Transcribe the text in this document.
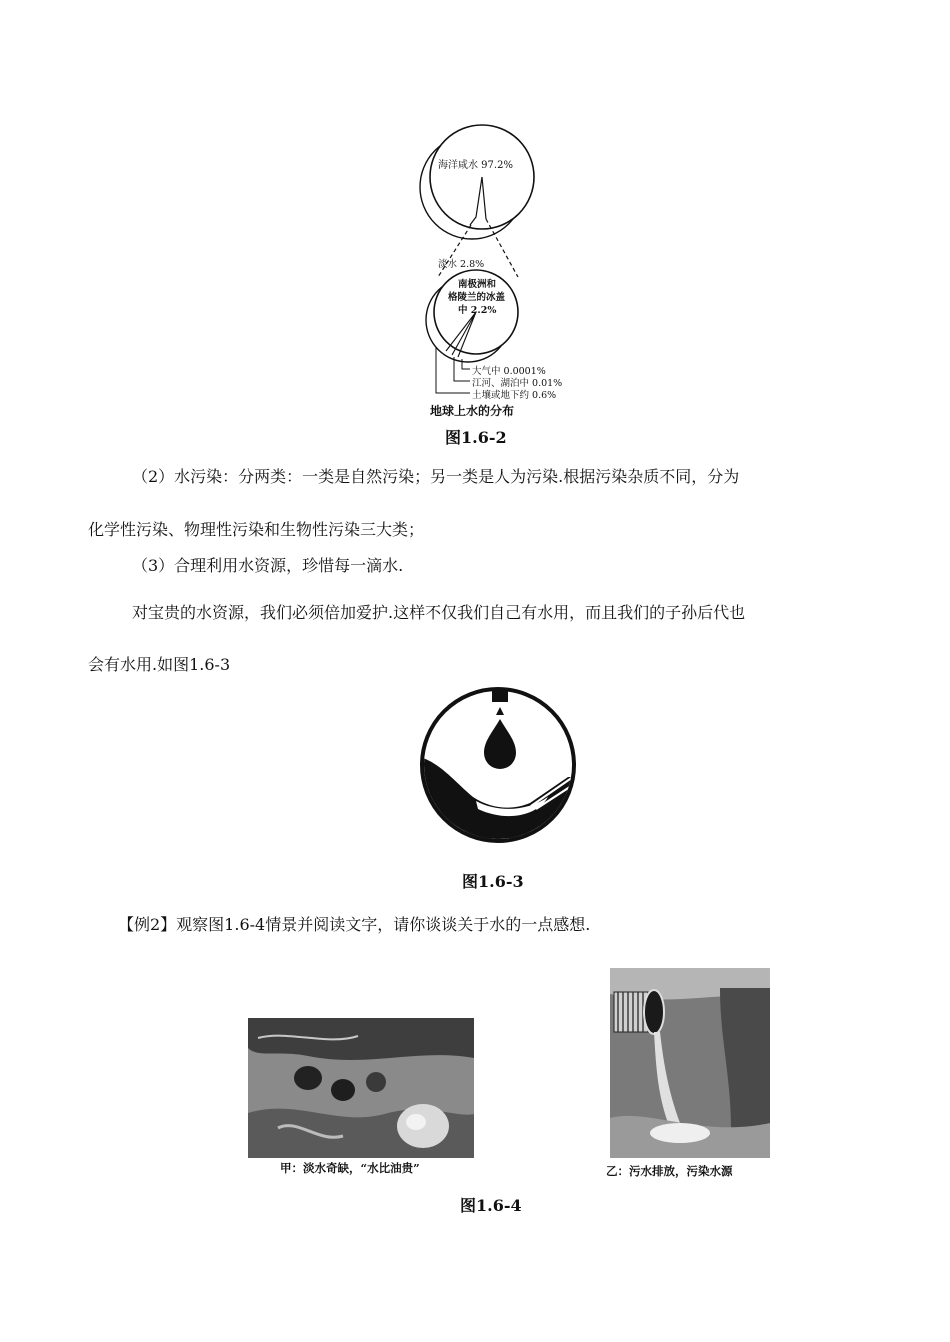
海洋咸水 97.2%
淡水 2.8%
南极洲和
格陵兰的冰盖
中 2.2%
大气中 0.0001%
江河、湖泊中 0.01%
土壤或地下约 0.6%
地球上水的分布
图1.6-2
（2）水污染：分两类：一类是自然污染；另一类是人为污染.根据污染杂质不同，分为
化学性污染、物理性污染和生物性污染三大类；
（3）合理利用水资源，珍惜每一滴水.
对宝贵的水资源，我们必须倍加爱护.这样不仅我们自己有水用，而且我们的子孙后代也
会有水用.如图1.6-3
图1.6-3
【例2】观察图1.6-4情景并阅读文字，请你谈谈关于水的一点感想.
甲：淡水奇缺，“水比油贵”	乙：污水排放，污染水源
图1.6-4
